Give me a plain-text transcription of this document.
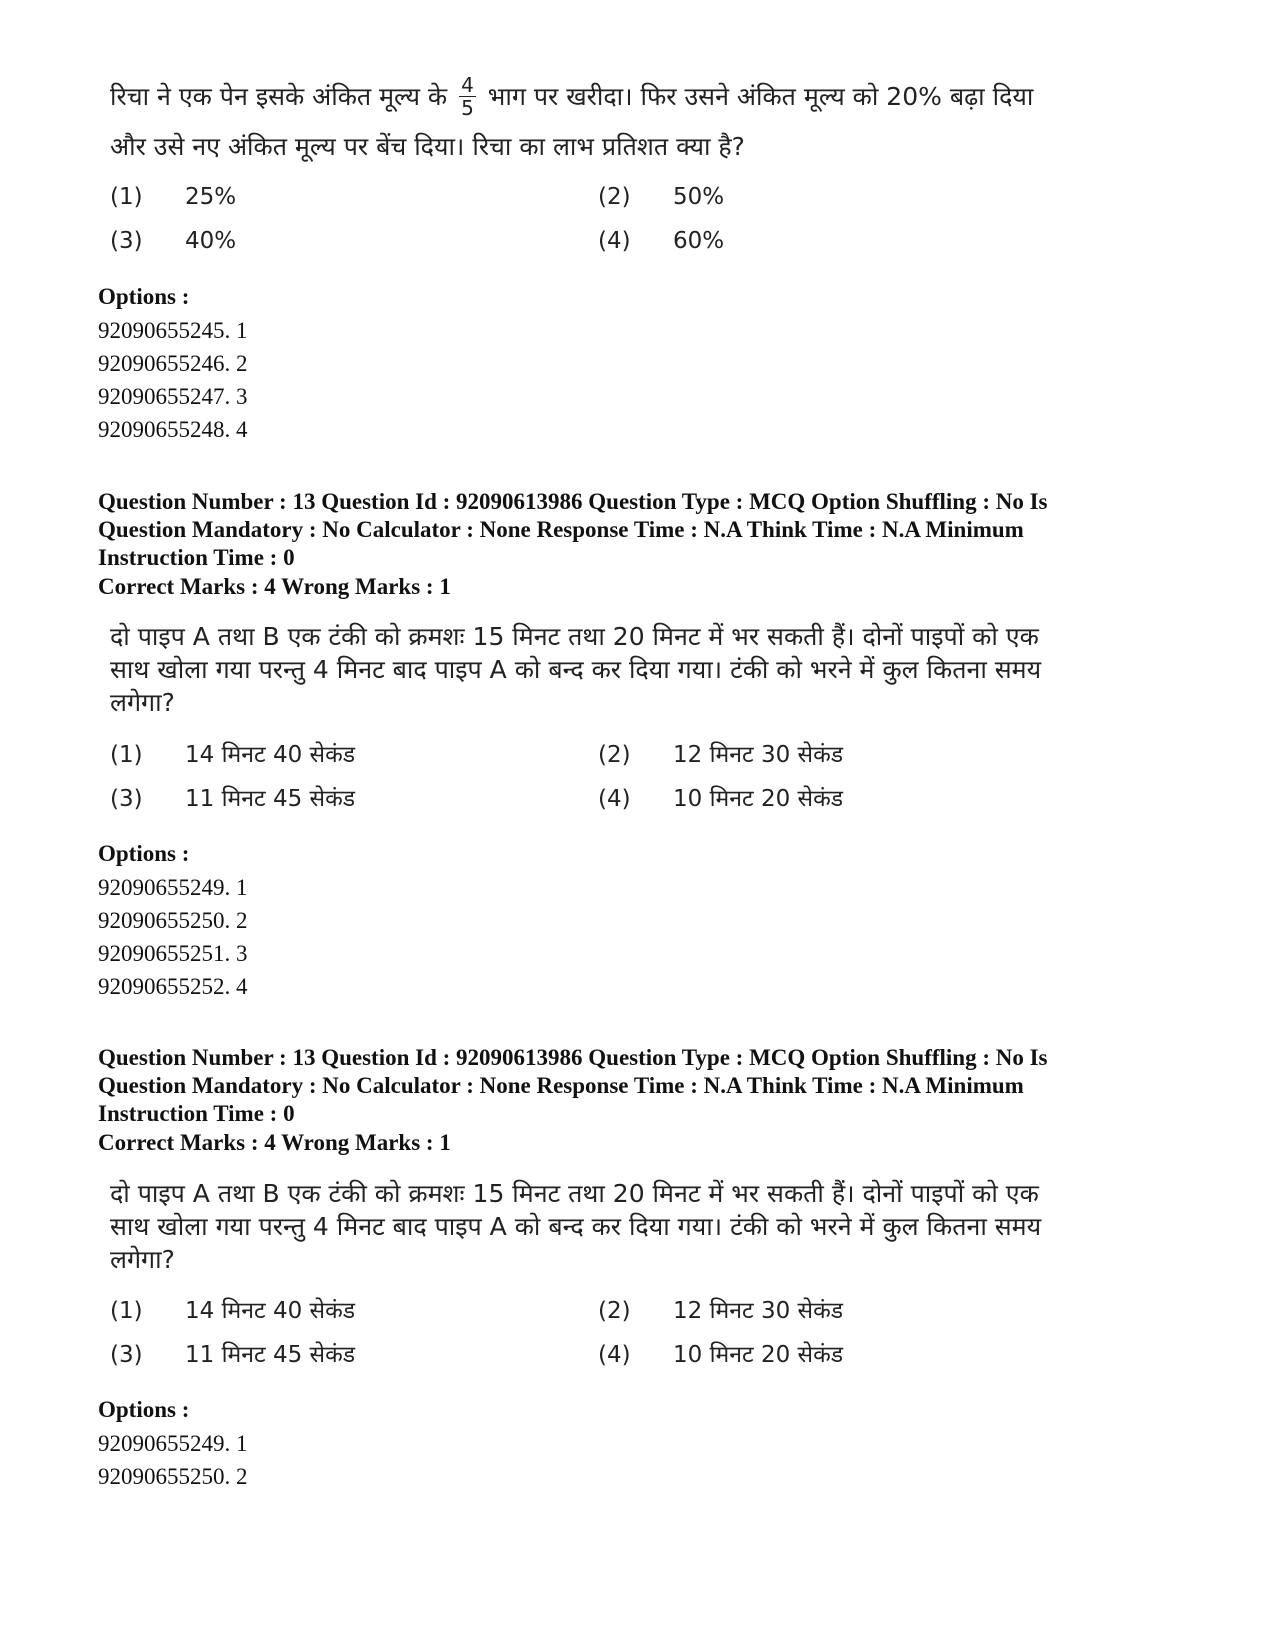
रिचा ने एक पेन इसके अंकित मूल्य के $\frac{4}{5}$ भाग पर खरीदा। फिर उसने अंकित मूल्य को 20% बढ़ा दिया
और उसे नए अंकित मूल्य पर बेंच दिया। रिचा का लाभ प्रतिशत क्या है?
(1) 25%	(2) 50%
(3) 40%	(4) 60%
Options :
92090655245. 1
92090655246. 2
92090655247. 3
92090655248. 4
Question Number : 13 Question Id : 92090613986 Question Type : MCQ Option Shuffling : No Is
Question Mandatory : No Calculator : None Response Time : N.A Think Time : N.A Minimum
Instruction Time : 0
Correct Marks : 4 Wrong Marks : 1
दो पाइप A तथा B एक टंकी को क्रमशः 15 मिनट तथा 20 मिनट में भर सकती हैं। दोनों पाइपों को एक
साथ खोला गया परन्तु 4 मिनट बाद पाइप A को बन्द कर दिया गया। टंकी को भरने में कुल कितना समय
लगेगा?
(1) 14 मिनट 40 सेकंड	(2) 12 मिनट 30 सेकंड
(3) 11 मिनट 45 सेकंड	(4) 10 मिनट 20 सेकंड
Options :
92090655249. 1
92090655250. 2
92090655251. 3
92090655252. 4
Question Number : 13 Question Id : 92090613986 Question Type : MCQ Option Shuffling : No Is
Question Mandatory : No Calculator : None Response Time : N.A Think Time : N.A Minimum
Instruction Time : 0
Correct Marks : 4 Wrong Marks : 1
दो पाइप A तथा B एक टंकी को क्रमशः 15 मिनट तथा 20 मिनट में भर सकती हैं। दोनों पाइपों को एक
साथ खोला गया परन्तु 4 मिनट बाद पाइप A को बन्द कर दिया गया। टंकी को भरने में कुल कितना समय
लगेगा?
(1) 14 मिनट 40 सेकंड	(2) 12 मिनट 30 सेकंड
(3) 11 मिनट 45 सेकंड	(4) 10 मिनट 20 सेकंड
Options :
92090655249. 1
92090655250. 2
